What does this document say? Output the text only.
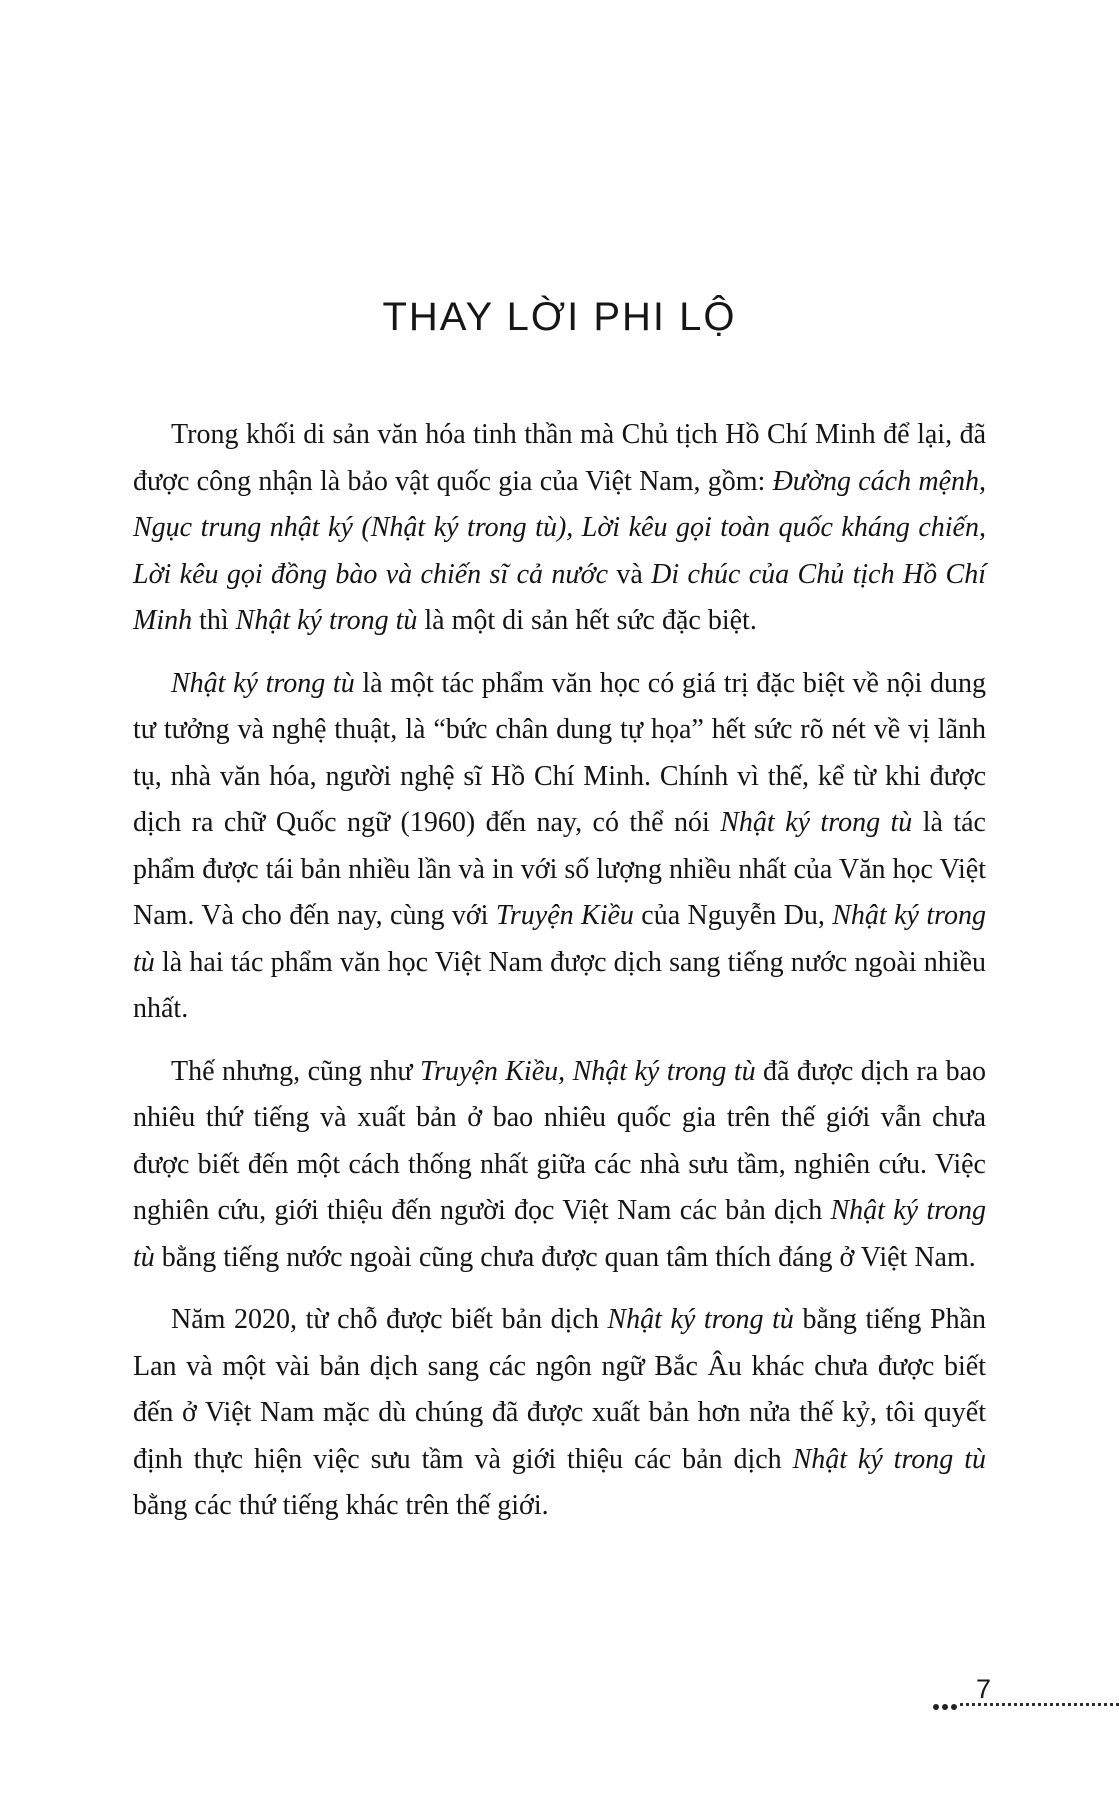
THAY LỜI PHI LỘ

Trong khối di sản văn hóa tinh thần mà Chủ tịch Hồ Chí Minh để lại, đã được công nhận là bảo vật quốc gia của Việt Nam, gồm: Đường cách mệnh, Ngục trung nhật ký (Nhật ký trong tù), Lời kêu gọi toàn quốc kháng chiến, Lời kêu gọi đồng bào và chiến sĩ cả nước và Di chúc của Chủ tịch Hồ Chí Minh thì Nhật ký trong tù là một di sản hết sức đặc biệt.

Nhật ký trong tù là một tác phẩm văn học có giá trị đặc biệt về nội dung tư tưởng và nghệ thuật, là “bức chân dung tự họa” hết sức rõ nét về vị lãnh tụ, nhà văn hóa, người nghệ sĩ Hồ Chí Minh. Chính vì thế, kể từ khi được dịch ra chữ Quốc ngữ (1960) đến nay, có thể nói Nhật ký trong tù là tác phẩm được tái bản nhiều lần và in với số lượng nhiều nhất của Văn học Việt Nam. Và cho đến nay, cùng với Truyện Kiều của Nguyễn Du, Nhật ký trong tù là hai tác phẩm văn học Việt Nam được dịch sang tiếng nước ngoài nhiều nhất.

Thế nhưng, cũng như Truyện Kiều, Nhật ký trong tù đã được dịch ra bao nhiêu thứ tiếng và xuất bản ở bao nhiêu quốc gia trên thế giới vẫn chưa được biết đến một cách thống nhất giữa các nhà sưu tầm, nghiên cứu. Việc nghiên cứu, giới thiệu đến người đọc Việt Nam các bản dịch Nhật ký trong tù bằng tiếng nước ngoài cũng chưa được quan tâm thích đáng ở Việt Nam.

Năm 2020, từ chỗ được biết bản dịch Nhật ký trong tù bằng tiếng Phần Lan và một vài bản dịch sang các ngôn ngữ Bắc Âu khác chưa được biết đến ở Việt Nam mặc dù chúng đã được xuất bản hơn nửa thế kỷ, tôi quyết định thực hiện việc sưu tầm và giới thiệu các bản dịch Nhật ký trong tù bằng các thứ tiếng khác trên thế giới.

7
